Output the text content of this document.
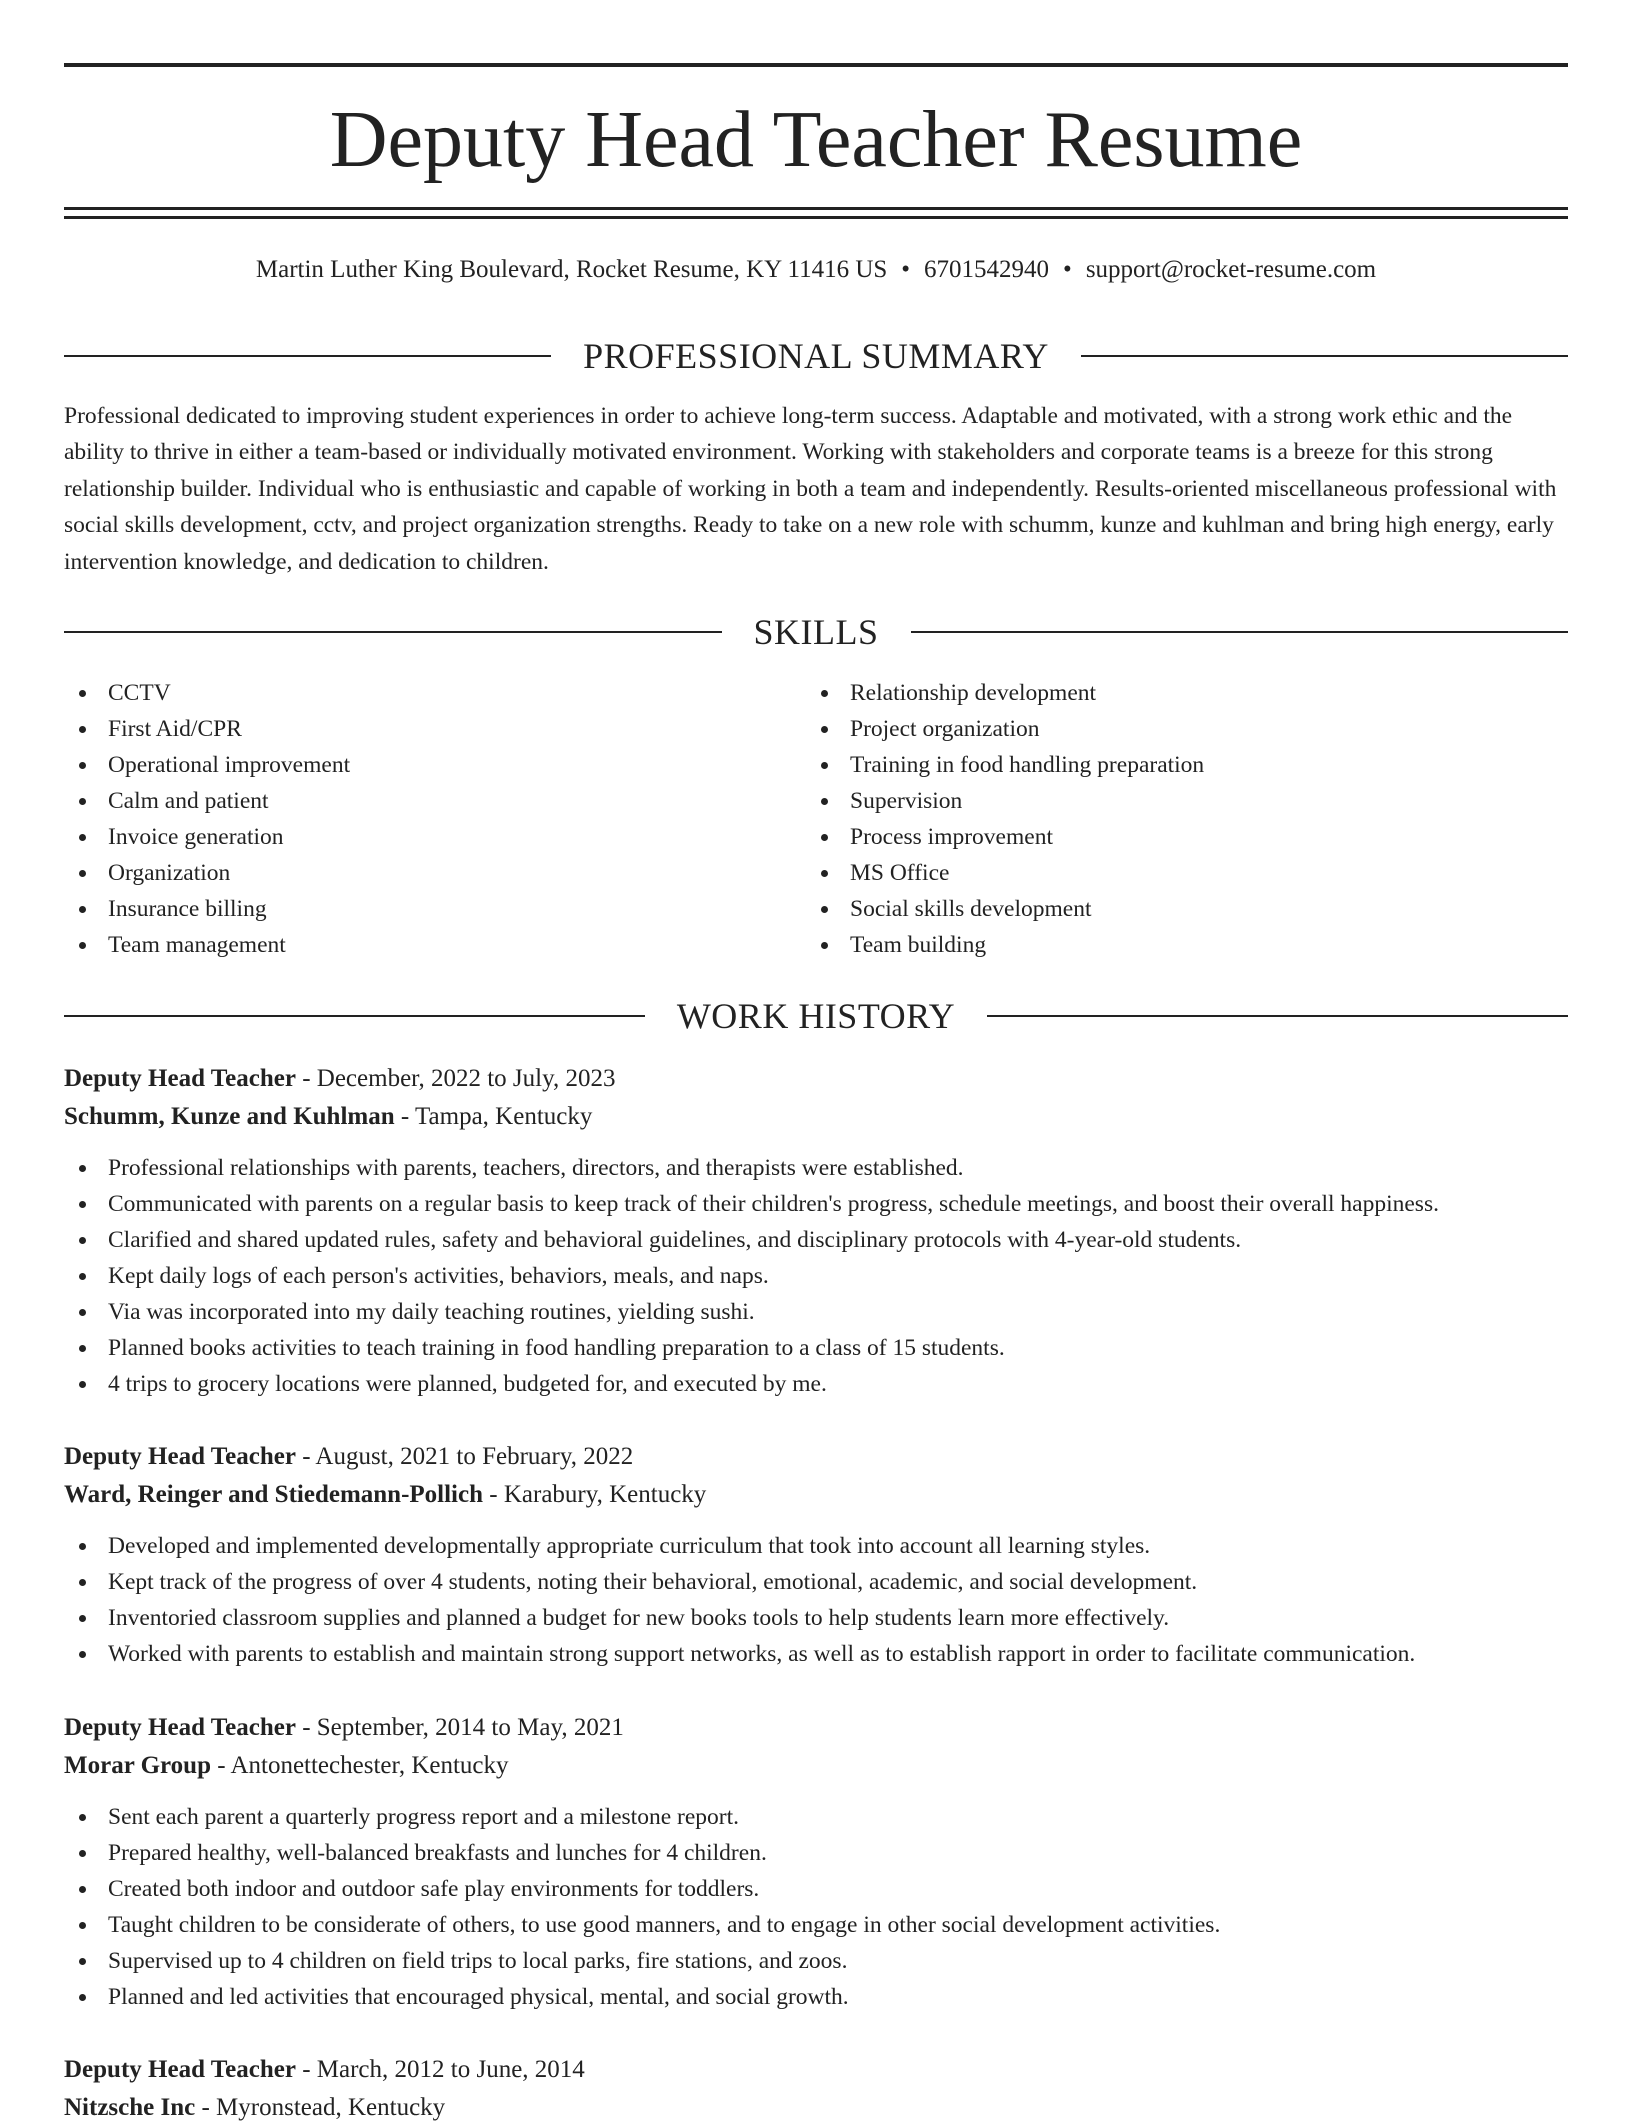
Deputy Head Teacher Resume
Martin Luther King Boulevard, Rocket Resume, KY 11416 US • 6701542940 • support@rocket-resume.com
PROFESSIONAL SUMMARY

Professional dedicated to improving student experiences in order to achieve long-term success. Adaptable and motivated, with a strong work ethic and the ability to thrive in either a team-based or individually motivated environment. Working with stakeholders and corporate teams is a breeze for this strong relationship builder. Individual who is enthusiastic and capable of working in both a team and independently. Results-oriented miscellaneous professional with social skills development, cctv, and project organization strengths. Ready to take on a new role with schumm, kunze and kuhlman and bring high energy, early intervention knowledge, and dedication to children.

SKILLS
CCTV
First Aid/CPR
Operational improvement
Calm and patient
Invoice generation
Organization
Insurance billing
Team management
Relationship development
Project organization
Training in food handling preparation
Supervision
Process improvement
MS Office
Social skills development
Team building
WORK HISTORY
Deputy Head Teacher - December, 2022 to July, 2023
Schumm, Kunze and Kuhlman - Tampa, Kentucky
Professional relationships with parents, teachers, directors, and therapists were established.
Communicated with parents on a regular basis to keep track of their children's progress, schedule meetings, and boost their overall happiness.
Clarified and shared updated rules, safety and behavioral guidelines, and disciplinary protocols with 4-year-old students.
Kept daily logs of each person's activities, behaviors, meals, and naps.
Via was incorporated into my daily teaching routines, yielding sushi.
Planned books activities to teach training in food handling preparation to a class of 15 students.
4 trips to grocery locations were planned, budgeted for, and executed by me.
Deputy Head Teacher - August, 2021 to February, 2022
Ward, Reinger and Stiedemann-Pollich - Karabury, Kentucky
Developed and implemented developmentally appropriate curriculum that took into account all learning styles.
Kept track of the progress of over 4 students, noting their behavioral, emotional, academic, and social development.
Inventoried classroom supplies and planned a budget for new books tools to help students learn more effectively.
Worked with parents to establish and maintain strong support networks, as well as to establish rapport in order to facilitate communication.
Deputy Head Teacher - September, 2014 to May, 2021
Morar Group - Antonettechester, Kentucky
Sent each parent a quarterly progress report and a milestone report.
Prepared healthy, well-balanced breakfasts and lunches for 4 children.
Created both indoor and outdoor safe play environments for toddlers.
Taught children to be considerate of others, to use good manners, and to engage in other social development activities.
Supervised up to 4 children on field trips to local parks, fire stations, and zoos.
Planned and led activities that encouraged physical, mental, and social growth.
Deputy Head Teacher - March, 2012 to June, 2014
Nitzsche Inc - Myronstead, Kentucky
